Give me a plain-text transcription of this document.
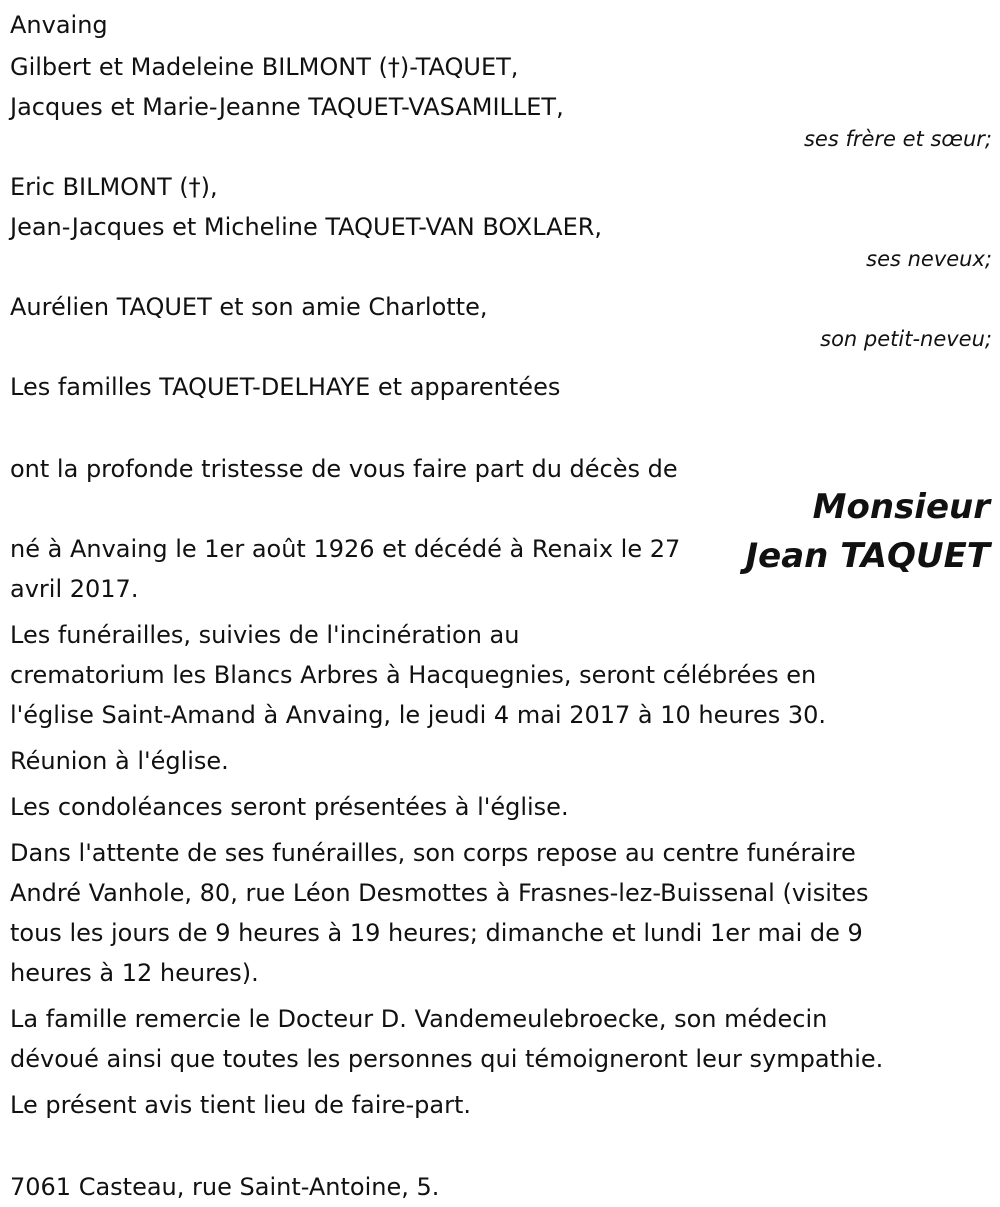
Anvaing
Gilbert et Madeleine BILMONT (†)-TAQUET,
Jacques et Marie-Jeanne TAQUET-VASAMILLET,
ses frère et sœur;
Eric BILMONT (†),
Jean-Jacques et Micheline TAQUET-VAN BOXLAER,
ses neveux;
Aurélien TAQUET et son amie Charlotte,
son petit-neveu;
Les familles TAQUET-DELHAYE et apparentées
ont la profonde tristesse de vous faire part du décès de
né à Anvaing le 1er août 1926 et décédé à Renaix le 27
avril 2017.
Les funérailles, suivies de l'incinération au
crematorium les Blancs Arbres à Hacquegnies, seront célébrées en
l'église Saint-Amand à Anvaing, le jeudi 4 mai 2017 à 10 heures 30.
Réunion à l'église.
Les condoléances seront présentées à l'église.
Dans l'attente de ses funérailles, son corps repose au centre funéraire
André Vanhole, 80, rue Léon Desmottes à Frasnes-lez-Buissenal (visites
tous les jours de 9 heures à 19 heures; dimanche et lundi 1er mai de 9
heures à 12 heures).
La famille remercie le Docteur D. Vandemeulebroecke, son médecin
dévoué ainsi que toutes les personnes qui témoigneront leur sympathie.
Le présent avis tient lieu de faire-part.
7061 Casteau, rue Saint-Antoine, 5.
Monsieur
Jean TAQUET
